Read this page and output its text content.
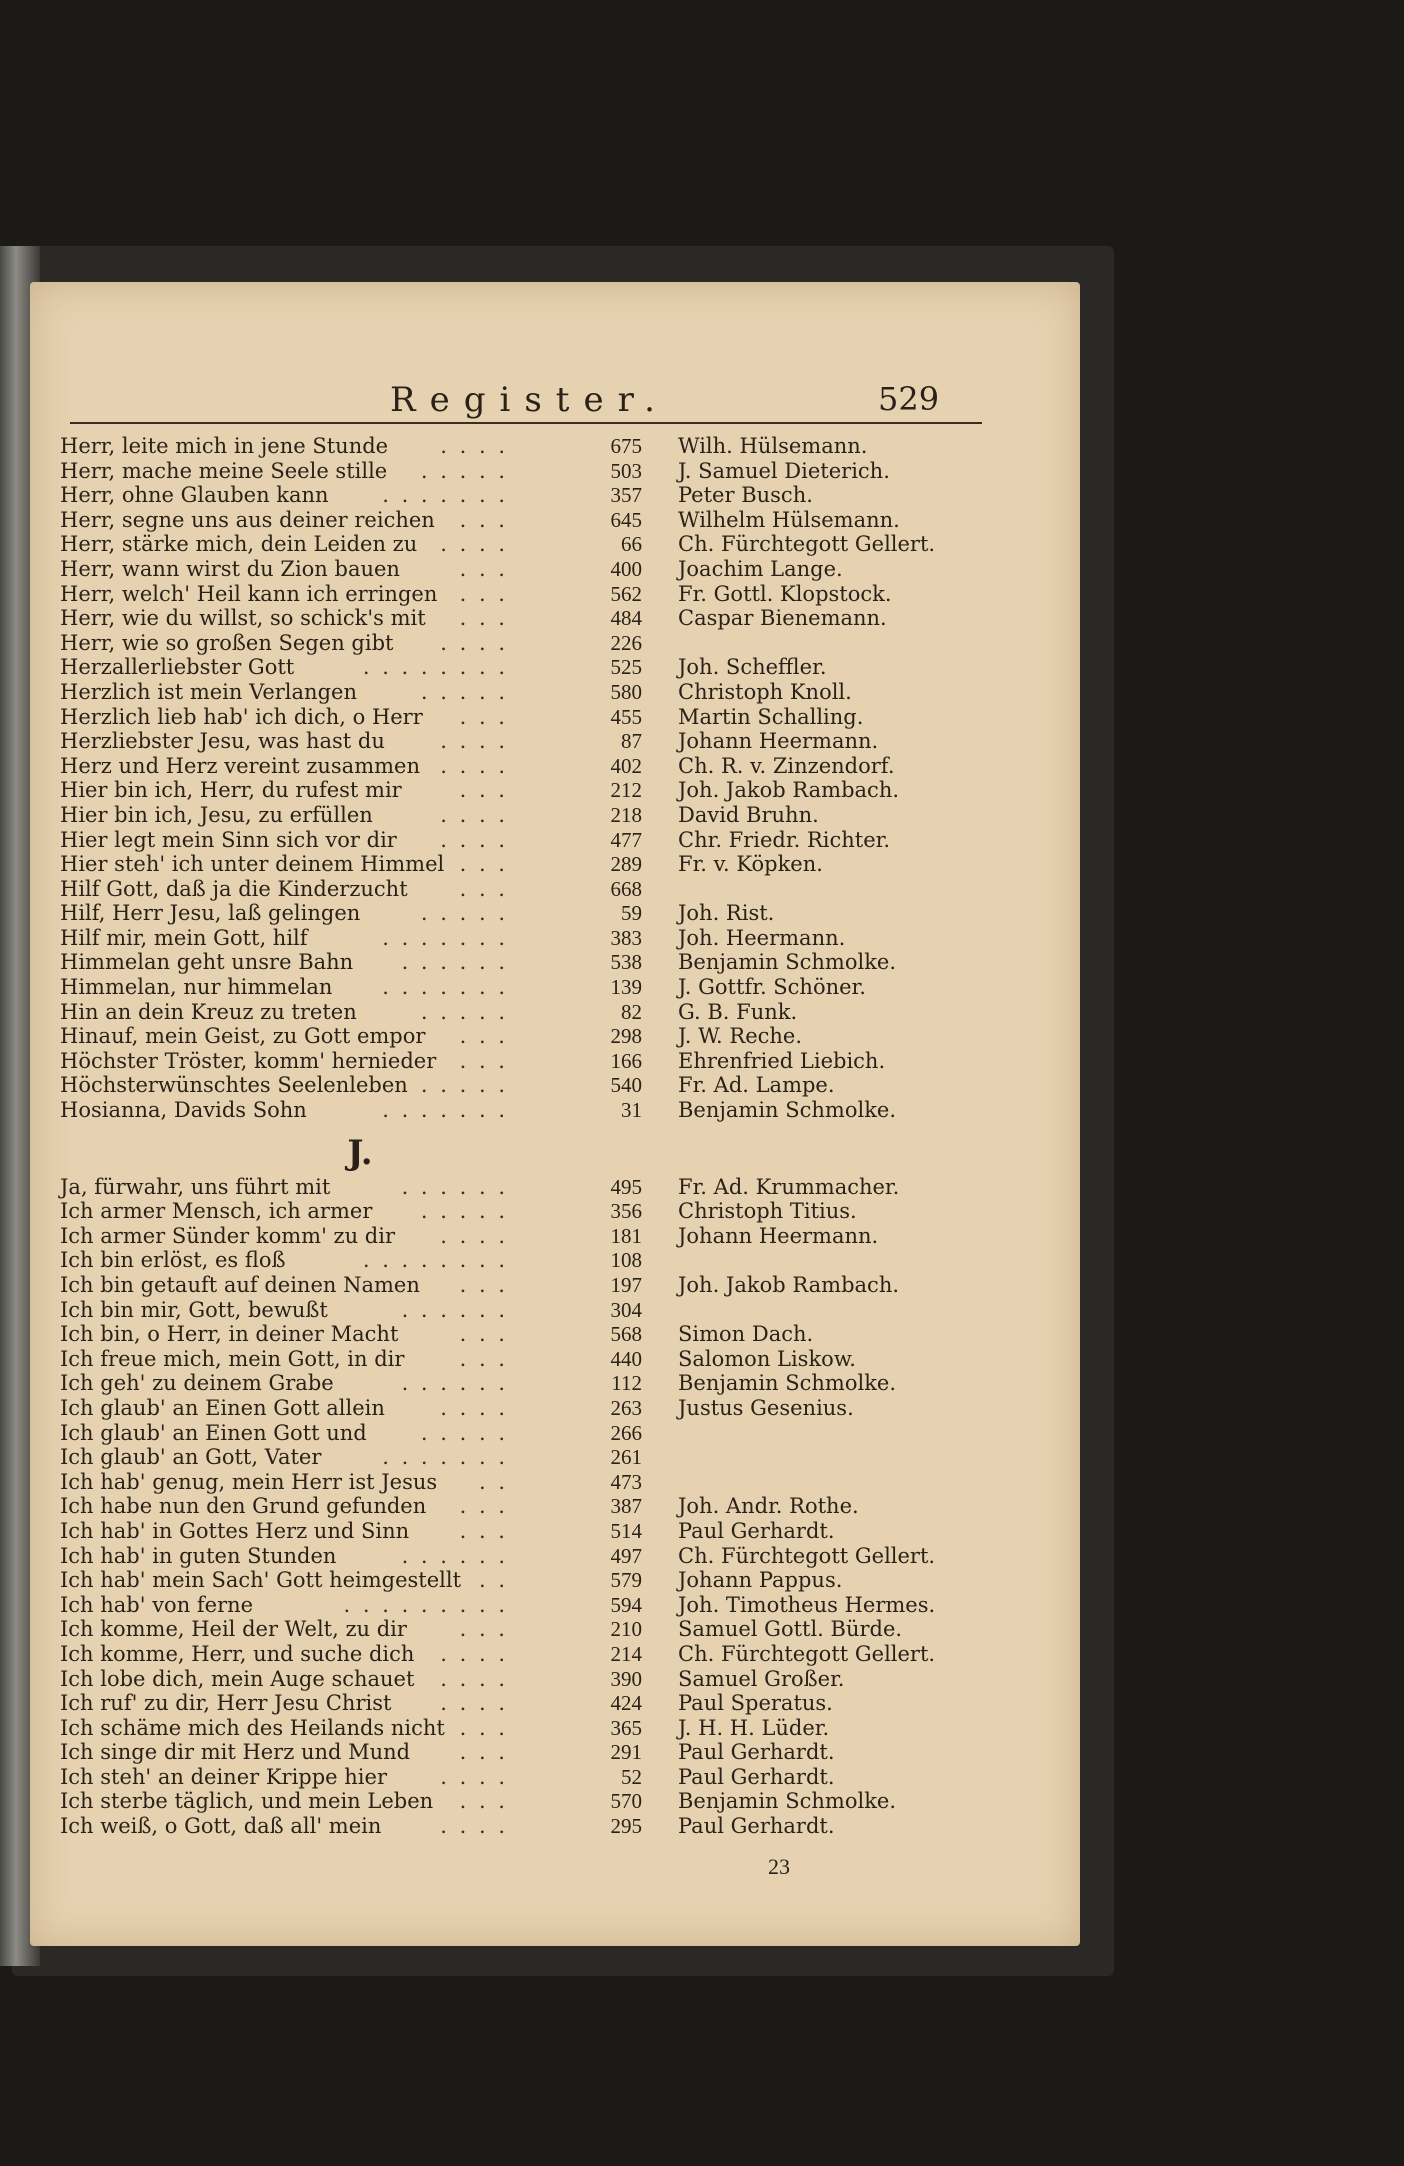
Register.	529
Herr, leite mich in jene Stunde . . . .	675 Wilh. Hülsemann.
Herr, mache meine Seele stille . . . . .	503 J. Samuel Dieterich.
Herr, ohne Glauben kann	. . . . . . .	357 Peter Busch.
Herr, segne uns aus deiner reichen . . .	645 Wilhelm Hülsemann.
Herr, stärke mich, dein Leiden zu . . . .	66 Ch. Fürchtegott Gellert.
Herr, wann wirst du Zion bauen	. . .	400 Joachim Lange.
Herr, welch' Heil kann ich erringen . . .	562 Fr. Gottl. Klopstock.
Herr, wie du willst, so schick's mit . . .	484 Caspar Bienemann.
Herr, wie so großen Segen gibt . . . .	226
Herzallerliebster Gott	. . . . . . . .	525 Joh. Scheffler.
Herzlich ist mein Verlangen	. . . . .	580 Christoph Knoll.
Herzlich lieb hab' ich dich, o Herr . . .	455 Martin Schalling.
Herzliebster Jesu, was hast du	. . . .	87 Johann Heermann.
Herz und Herz vereint zusammen . . . .	402 Ch. R. v. Zinzendorf.
Hier bin ich, Herr, du rufest mir	. . .	212 Joh. Jakob Rambach.
Hier bin ich, Jesu, zu erfüllen	. . . .	218 David Bruhn.
Hier legt mein Sinn sich vor dir . . . .	477 Chr. Friedr. Richter.
Hier steh' ich unter deinem Himmel . . .	289 Fr. v. Köpken.
Hilf Gott, daß ja die Kinderzucht . . .	668
Hilf, Herr Jesu, laß gelingen	. . . . .	59 Joh. Rist.
Hilf mir, mein Gott, hilf	. . . . . . .	383 Joh. Heermann.
Himmelan geht unsre Bahn . . . . . .	538 Benjamin Schmolke.
Himmelan, nur himmelan . . . . . . .	139 J. Gottfr. Schöner.
Hin an dein Kreuz zu treten	. . . . .	82 G. B. Funk.
Hinauf, mein Geist, zu Gott empor . . .	298 J. W. Reche.
Höchster Tröster, komm' hernieder . . .	166 Ehrenfried Liebich.
Höchsterwünschtes Seelenleben . . . . .	540 Fr. Ad. Lampe.
Hosianna, Davids Sohn	. . . . . . .	31 Benjamin Schmolke.
J.
Ja, fürwahr, uns führt mit	. . . . . .	495 Fr. Ad. Krummacher.
Ich armer Mensch, ich armer . . . . .	356 Christoph Titius.
Ich armer Sünder komm' zu dir . . . .	181 Johann Heermann.
Ich bin erlöst, es floß	. . . . . . . .	108
Ich bin getauft auf deinen Namen . . .	197 Joh. Jakob Rambach.
Ich bin mir, Gott, bewußt	. . . . . .	304
Ich bin, o Herr, in deiner Macht	. . .	568 Simon Dach.
Ich freue mich, mein Gott, in dir	. . .	440 Salomon Liskow.
Ich geh' zu deinem Grabe	. . . . . .	112 Benjamin Schmolke.
Ich glaub' an Einen Gott allein	. . . .	263 Justus Gesenius.
Ich glaub' an Einen Gott und	. . . . .	266
Ich glaub' an Gott, Vater	. . . . . . .	261
Ich hab' genug, mein Herr ist Jesus . .	473
Ich habe nun den Grund gefunden . . .	387 Joh. Andr. Rothe.
Ich hab' in Gottes Herz und Sinn . . .	514 Paul Gerhardt.
Ich hab' in guten Stunden	. . . . . .	497 Ch. Fürchtegott Gellert.
Ich hab' mein Sach' Gott heimgestellt . .	579 Johann Pappus.
Ich hab' von ferne	. . . . . . . . .	594 Joh. Timotheus Hermes.
Ich komme, Heil der Welt, zu dir	. . .	210 Samuel Gottl. Bürde.
Ich komme, Herr, und suche dich . . . .	214 Ch. Fürchtegott Gellert.
Ich lobe dich, mein Auge schauet . . . .	390 Samuel Großer.
Ich ruf' zu dir, Herr Jesu Christ . . . .	424 Paul Speratus.
Ich schäme mich des Heilands nicht . . .	365 J. H. H. Lüder.
Ich singe dir mit Herz und Mund . . .	291 Paul Gerhardt.
Ich steh' an deiner Krippe hier	. . . .	52 Paul Gerhardt.
Ich sterbe täglich, und mein Leben . . .	570 Benjamin Schmolke.
Ich weiß, o Gott, daß all' mein	. . . .	295 Paul Gerhardt.
23
